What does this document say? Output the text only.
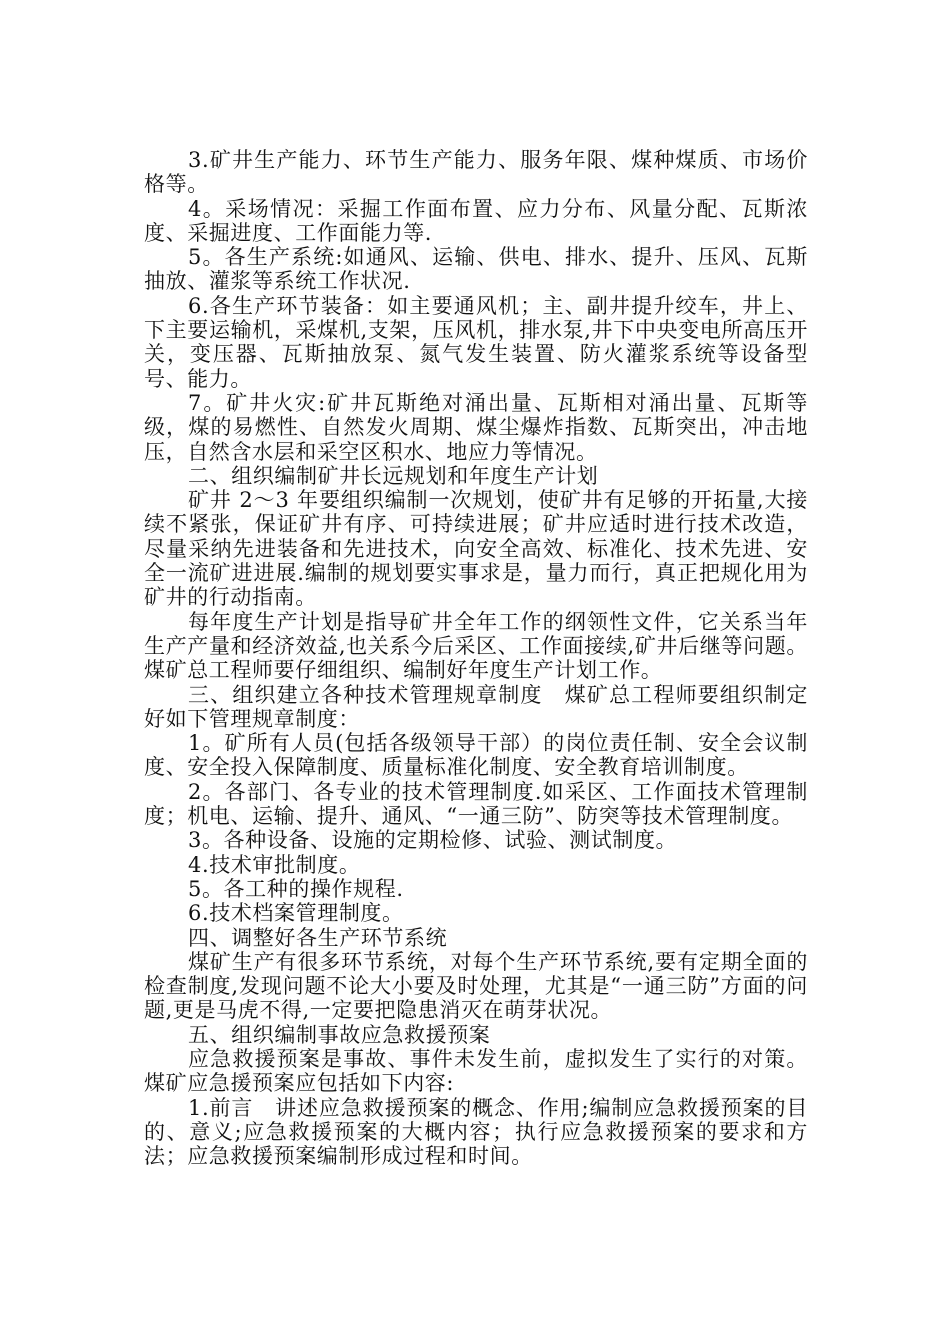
3.矿井生产能力、环节生产能力、服务年限、煤种煤质、市场价格等。

4。采场情况：采掘工作面布置、应力分布、风量分配、瓦斯浓度、采掘进度、工作面能力等.

5。各生产系统:如通风、运输、供电、排水、提升、压风、瓦斯抽放、灌浆等系统工作状况.

6.各生产环节装备：如主要通风机；主、副井提升绞车，井上、下主要运输机，采煤机,支架，压风机，排水泵,井下中央变电所高压开关，变压器、瓦斯抽放泵、氮气发生装置、防火灌浆系统等设备型号、能力。

7。矿井火灾:矿井瓦斯绝对涌出量、瓦斯相对涌出量、瓦斯等级，煤的易燃性、自然发火周期、煤尘爆炸指数、瓦斯突出，冲击地压，自然含水层和采空区积水、地应力等情况。

二、组织编制矿井长远规划和年度生产计划

矿井 2～3 年要组织编制一次规划，使矿井有足够的开拓量,大接续不紧张，保证矿井有序、可持续进展；矿井应适时进行技术改造，尽量采纳先进装备和先进技术，向安全高效、标准化、技术先进、安全一流矿进进展.编制的规划要实事求是，量力而行，真正把规化用为矿井的行动指南。

每年度生产计划是指导矿井全年工作的纲领性文件，它关系当年生产产量和经济效益,也关系今后采区、工作面接续,矿井后继等问题。煤矿总工程师要仔细组织、编制好年度生产计划工作。

三、组织建立各种技术管理规章制度　煤矿总工程师要组织制定好如下管理规章制度：

1。矿所有人员(包括各级领导干部）的岗位责任制、安全会议制度、安全投入保障制度、质量标准化制度、安全教育培训制度。

2。各部门、各专业的技术管理制度.如采区、工作面技术管理制度；机电、运输、提升、通风、“一通三防”、防突等技术管理制度。

3。各种设备、设施的定期检修、试验、测试制度。

4.技术审批制度。

5。各工种的操作规程.

6.技术档案管理制度。

四、调整好各生产环节系统

煤矿生产有很多环节系统，对每个生产环节系统,要有定期全面的检查制度,发现问题不论大小要及时处理，尤其是“一通三防”方面的问题,更是马虎不得,一定要把隐患消灭在萌芽状况。

五、组织编制事故应急救援预案

应急救援预案是事故、事件未发生前，虚拟发生了实行的对策。煤矿应急援预案应包括如下内容:

1.前言　讲述应急救援预案的概念、作用;编制应急救援预案的目的、意义;应急救援预案的大概内容；执行应急救援预案的要求和方法；应急救援预案编制形成过程和时间。
